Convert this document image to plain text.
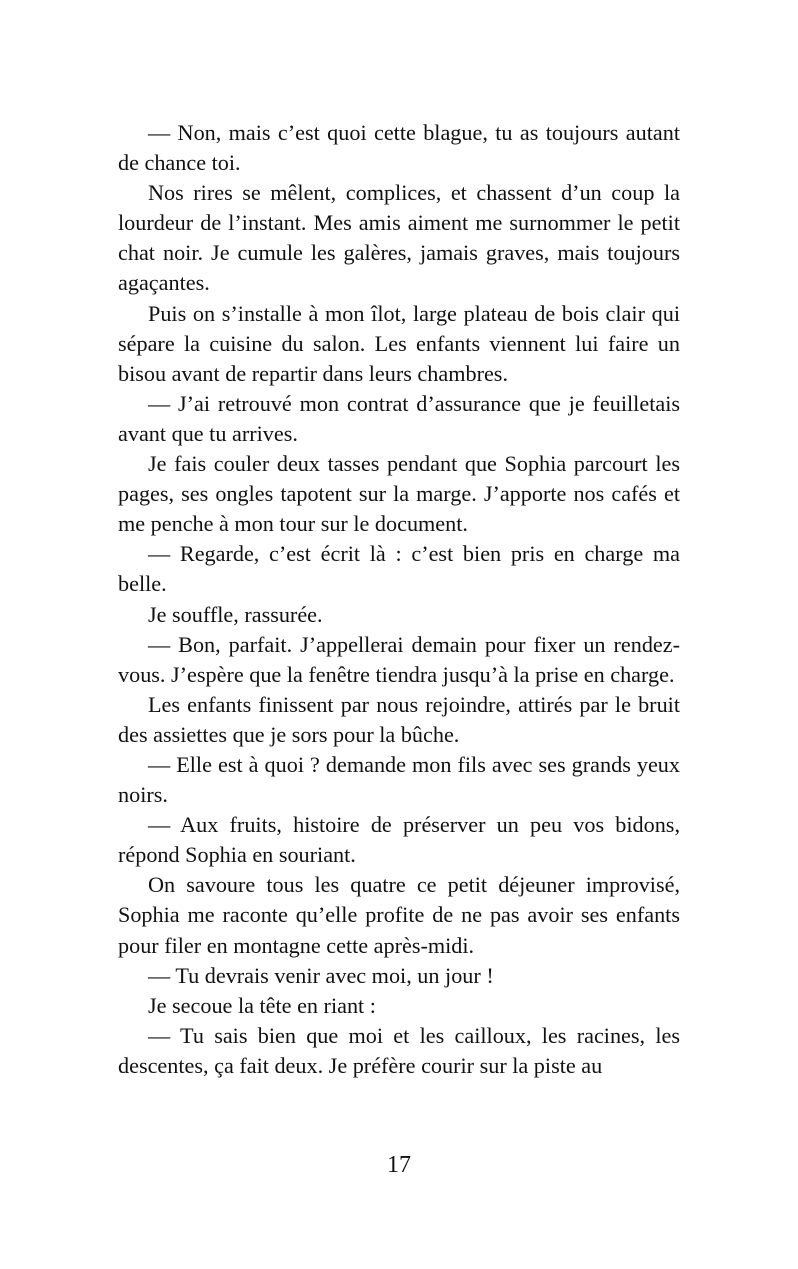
— Non, mais c’est quoi cette blague, tu as toujours autant de chance toi.

Nos rires se mêlent, complices, et chassent d’un coup la lourdeur de l’instant. Mes amis aiment me surnommer le petit chat noir. Je cumule les galères, jamais graves, mais toujours agaçantes.

Puis on s’installe à mon îlot, large plateau de bois clair qui sépare la cuisine du salon. Les enfants viennent lui faire un bisou avant de repartir dans leurs chambres.

— J’ai retrouvé mon contrat d’assurance que je feuilletais avant que tu arrives.

Je fais couler deux tasses pendant que Sophia parcourt les pages, ses ongles tapotent sur la marge. J’apporte nos cafés et me penche à mon tour sur le document.

— Regarde, c’est écrit là : c’est bien pris en charge ma belle.

Je souffle, rassurée.

— Bon, parfait. J’appellerai demain pour fixer un rendez-vous. J’espère que la fenêtre tiendra jusqu’à la prise en charge.

Les enfants finissent par nous rejoindre, attirés par le bruit des assiettes que je sors pour la bûche.

— Elle est à quoi ? demande mon fils avec ses grands yeux noirs.

— Aux fruits, histoire de préserver un peu vos bidons, répond Sophia en souriant.

On savoure tous les quatre ce petit déjeuner improvisé, Sophia me raconte qu’elle profite de ne pas avoir ses enfants pour filer en montagne cette après-midi.

— Tu devrais venir avec moi, un jour !

Je secoue la tête en riant :

— Tu sais bien que moi et les cailloux, les racines, les descentes, ça fait deux. Je préfère courir sur la piste au

17
